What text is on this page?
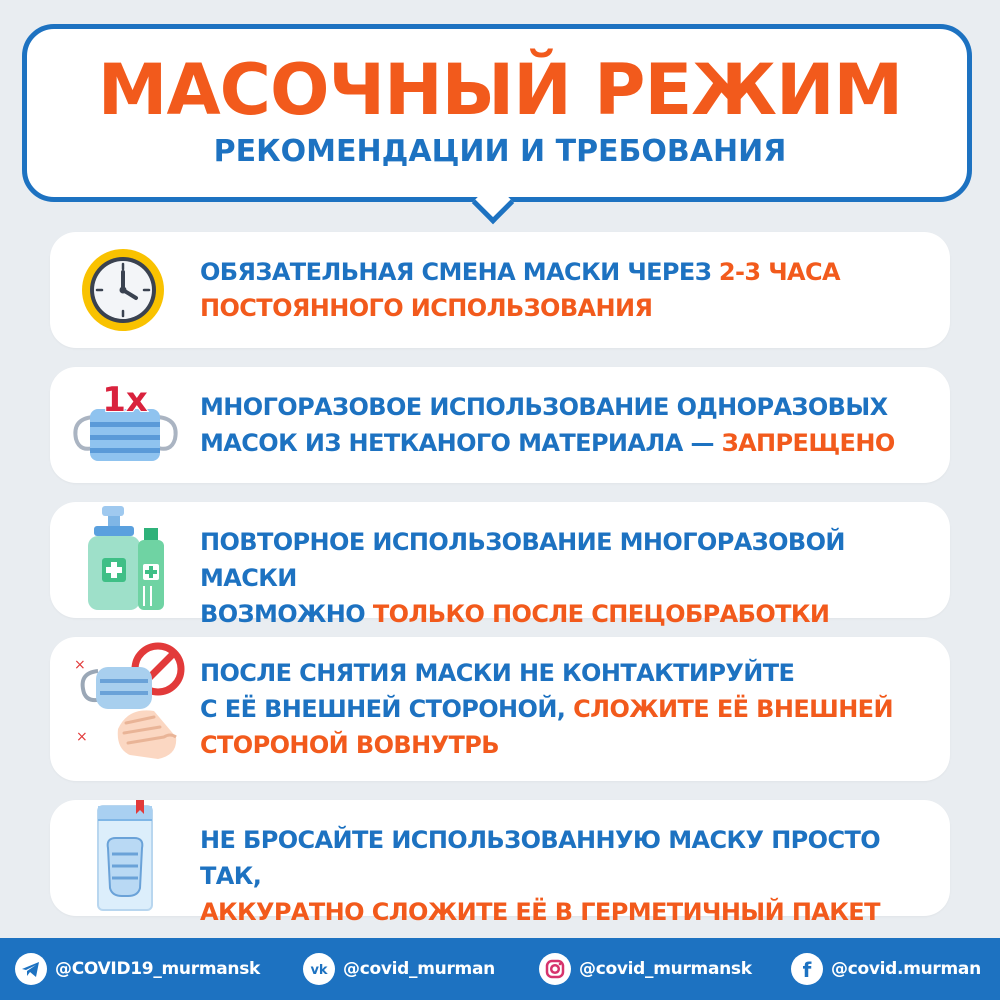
МАСОЧНЫЙ РЕЖИМ
РЕКОМЕНДАЦИИ И ТРЕБОВАНИЯ
ОБЯЗАТЕЛЬНАЯ СМЕНА МАСКИ ЧЕРЕЗ 2-3 ЧАСА
ПОСТОЯННОГО ИСПОЛЬЗОВАНИЯ
1x МНОГОРАЗОВОЕ ИСПОЛЬЗОВАНИЕ ОДНОРАЗОВЫХ
МАСОК ИЗ НЕТКАНОГО МАТЕРИАЛА — ЗАПРЕЩЕНО
ПОВТОРНОЕ ИСПОЛЬЗОВАНИЕ МНОГОРАЗОВОЙ МАСКИ
ВОЗМОЖНО ТОЛЬКО ПОСЛЕ СПЕЦОБРАБОТКИ
×
×
ПОСЛЕ СНЯТИЯ МАСКИ НЕ КОНТАКТИРУЙТЕ
С ЕЁ ВНЕШНЕЙ СТОРОНОЙ, СЛОЖИТЕ ЕЁ ВНЕШНЕЙ
СТОРОНОЙ ВОВНУТРЬ
НЕ БРОСАЙТЕ ИСПОЛЬЗОВАННУЮ МАСКУ ПРОСТО ТАК,
АККУРАТНО СЛОЖИТЕ ЕЁ В ГЕРМЕТИЧНЫЙ ПАКЕТ
@COVID19_murmansk	vk @covid_murman	@covid_murmansk	f @covid.murman
